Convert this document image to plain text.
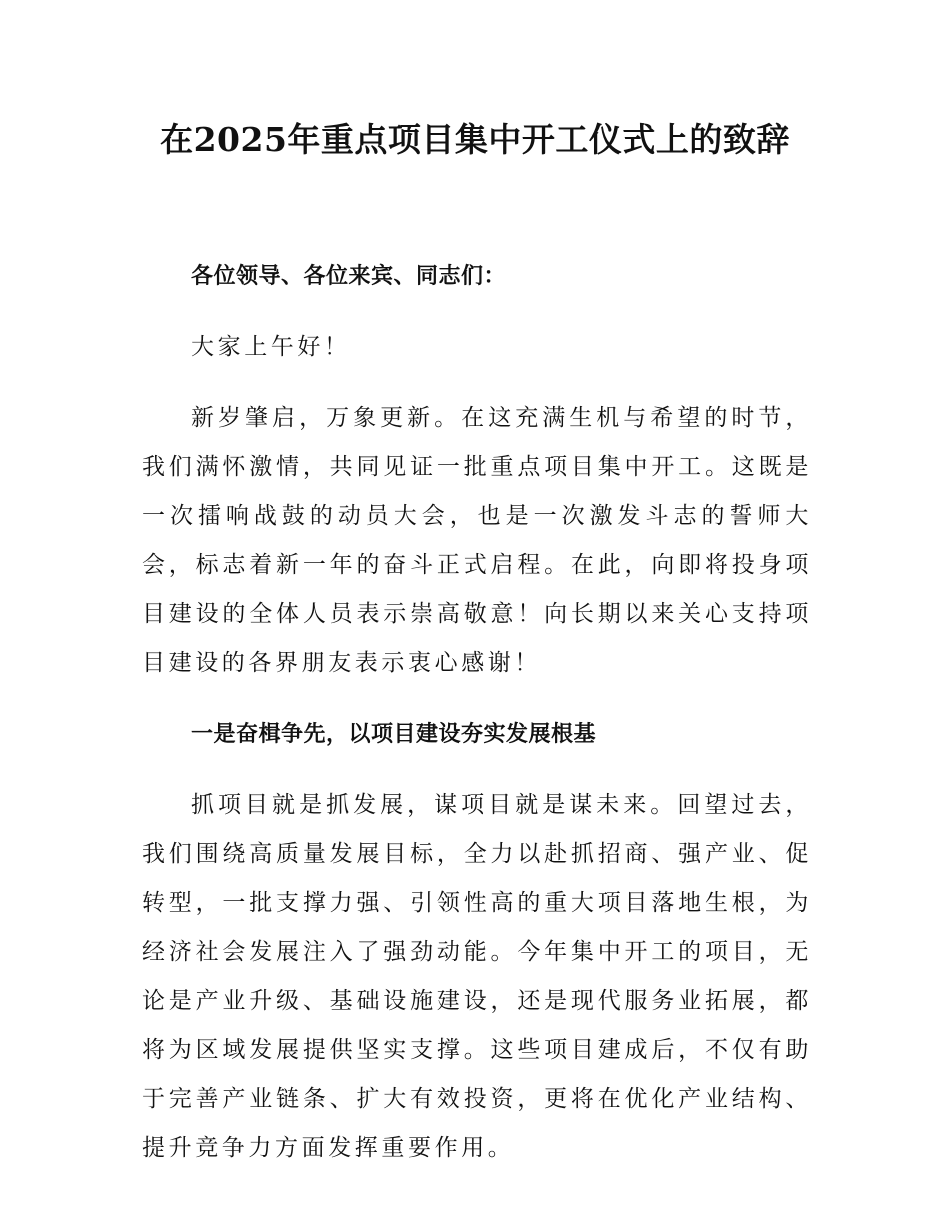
在2025年重点项目集中开工仪式上的致辞

各位领导、各位来宾、同志们：

大家上午好！

新岁肇启，万象更新。在这充满生机与希望的时节，我们满怀激情，共同见证一批重点项目集中开工。这既是一次擂响战鼓的动员大会，也是一次激发斗志的誓师大会，标志着新一年的奋斗正式启程。在此，向即将投身项目建设的全体人员表示崇高敬意！向长期以来关心支持项目建设的各界朋友表示衷心感谢！

一是奋楫争先，以项目建设夯实发展根基

抓项目就是抓发展，谋项目就是谋未来。回望过去，我们围绕高质量发展目标，全力以赴抓招商、强产业、促转型，一批支撑力强、引领性高的重大项目落地生根，为经济社会发展注入了强劲动能。今年集中开工的项目，无论是产业升级、基础设施建设，还是现代服务业拓展，都将为区域发展提供坚实支撑。这些项目建成后，不仅有助于完善产业链条、扩大有效投资，更将在优化产业结构、提升竞争力方面发挥重要作用。
